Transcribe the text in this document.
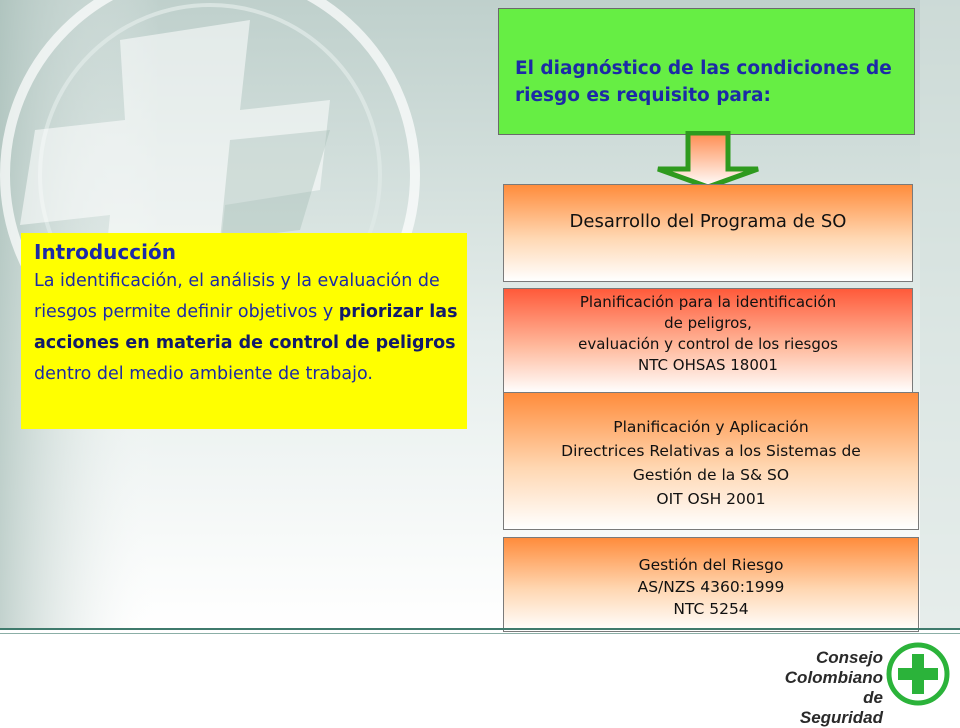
El diagnóstico de las condiciones de riesgo es requisito para:
Desarrollo del Programa de SO
Planificación para la identificación
de peligros,
evaluación y control de los riesgos
NTC OHSAS 18001
Planificación y Aplicación
Directrices Relativas a los Sistemas de
Gestión de la S& SO
OIT OSH 2001
Gestión del Riesgo
AS/NZS 4360:1999
NTC 5254
Introducción
La identificación, el análisis y la evaluación de riesgos permite definir objetivos y priorizar las acciones en materia de control de peligros dentro del medio ambiente de trabajo.
Consejo
Colombiano de
Seguridad
